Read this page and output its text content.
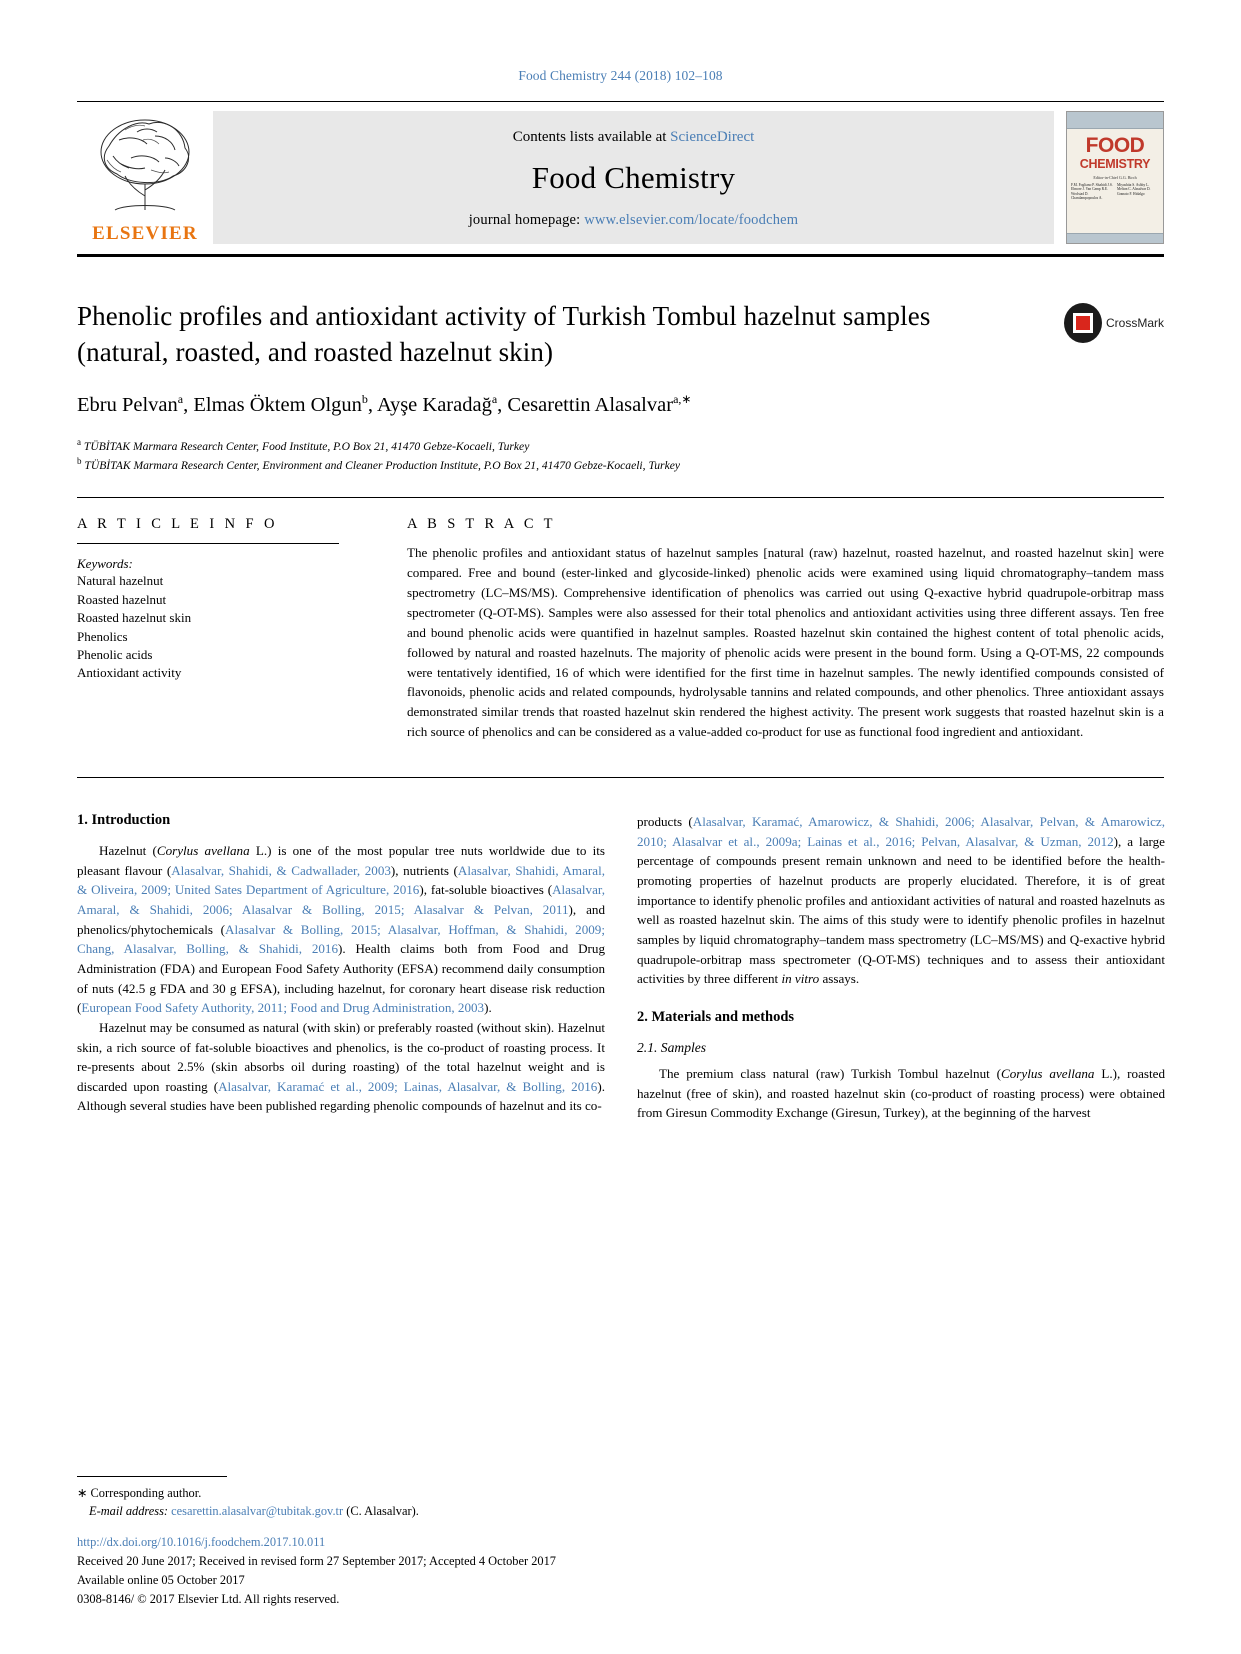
Food Chemistry 244 (2018) 102–108
ELSEVIER
Contents lists available at ScienceDirect
Food Chemistry
journal homepage: www.elsevier.com/locate/foodchem
FOOD
CHEMISTRY
Editor-in-Chief G.G. Birch
F.M. Fogliano P. Shahidi J.S. Elmore J. Van Camp R.E. Wrolstad D. Charalampopoulos A. Miyashita S. Ashby L. Melton C. Alasalvar D. Granato F. Hidalgo
Phenolic profiles and antioxidant activity of Turkish Tombul hazelnut samples (natural, roasted, and roasted hazelnut skin)
CrossMark
Ebru Pelvan$^a$, Elmas Öktem Olgun$^b$, Ayşe Karadağ$^a$, Cesarettin Alasalvar$^{a,∗}$
$^a$ TÜBİTAK Marmara Research Center, Food Institute, P.O Box 21, 41470 Gebze-Kocaeli, Turkey
$^b$ TÜBİTAK Marmara Research Center, Environment and Cleaner Production Institute, P.O Box 21, 41470 Gebze-Kocaeli, Turkey
A R T I C L E I N F O
Keywords:
Natural hazelnut
Roasted hazelnut
Roasted hazelnut skin
Phenolics
Phenolic acids
Antioxidant activity
A B S T R A C T

The phenolic profiles and antioxidant status of hazelnut samples [natural (raw) hazelnut, roasted hazelnut, and roasted hazelnut skin] were compared. Free and bound (ester-linked and glycoside-linked) phenolic acids were examined using liquid chromatography–tandem mass spectrometry (LC–MS/MS). Comprehensive identification of phenolics was carried out using Q-exactive hybrid quadrupole-orbitrap mass spectrometer (Q-OT-MS). Samples were also assessed for their total phenolics and antioxidant activities using three different assays. Ten free and bound phenolic acids were quantified in hazelnut samples. Roasted hazelnut skin contained the highest content of total phenolic acids, followed by natural and roasted hazelnuts. The majority of phenolic acids were present in the bound form. Using a Q-OT-MS, 22 compounds were tentatively identified, 16 of which were identified for the first time in hazelnut samples. The newly identified compounds consisted of flavonoids, phenolic acids and related compounds, hydrolysable tannins and related compounds, and other phenolics. Three antioxidant assays demonstrated similar trends that roasted hazelnut skin rendered the highest activity. The present work suggests that roasted hazelnut skin is a rich source of phenolics and can be considered as a value-added co-product for use as functional food ingredient and antioxidant.

1. Introduction

Hazelnut (Corylus avellana L.) is one of the most popular tree nuts worldwide due to its pleasant flavour (Alasalvar, Shahidi, & Cadwallader, 2003), nutrients (Alasalvar, Shahidi, Amaral, & Oliveira, 2009; United Sates Department of Agriculture, 2016), fat-soluble bioactives (Alasalvar, Amaral, & Shahidi, 2006; Alasalvar & Bolling, 2015; Alasalvar & Pelvan, 2011), and phenolics/phytochemicals (Alasalvar & Bolling, 2015; Alasalvar, Hoffman, & Shahidi, 2009; Chang, Alasalvar, Bolling, & Shahidi, 2016). Health claims both from Food and Drug Administration (FDA) and European Food Safety Authority (EFSA) recommend daily consumption of nuts (42.5 g FDA and 30 g EFSA), including hazelnut, for coronary heart disease risk reduction (European Food Safety Authority, 2011; Food and Drug Administration, 2003).

Hazelnut may be consumed as natural (with skin) or preferably roasted (without skin). Hazelnut skin, a rich source of fat-soluble bioactives and phenolics, is the co-product of roasting process. It re-presents about 2.5% (skin absorbs oil during roasting) of the total hazelnut weight and is discarded upon roasting (Alasalvar, Karamać et al., 2009; Lainas, Alasalvar, & Bolling, 2016). Although several studies have been published regarding phenolic compounds of hazelnut and its co-

products (Alasalvar, Karamać, Amarowicz, & Shahidi, 2006; Alasalvar, Pelvan, & Amarowicz, 2010; Alasalvar et al., 2009a; Lainas et al., 2016; Pelvan, Alasalvar, & Uzman, 2012), a large percentage of compounds present remain unknown and need to be identified before the health-promoting properties of hazelnut products are properly elucidated. Therefore, it is of great importance to identify phenolic profiles and antioxidant activities of natural and roasted hazelnuts as well as roasted hazelnut skin. The aims of this study were to identify phenolic profiles in hazelnut samples by liquid chromatography–tandem mass spectrometry (LC–MS/MS) and Q-exactive hybrid quadrupole-orbitrap mass spectrometer (Q-OT-MS) techniques and to assess their antioxidant activities by three different in vitro assays.

2. Materials and methods
2.1. Samples

The premium class natural (raw) Turkish Tombul hazelnut (Corylus avellana L.), roasted hazelnut (free of skin), and roasted hazelnut skin (co-product of roasting process) were obtained from Giresun Commodity Exchange (Giresun, Turkey), at the beginning of the harvest

∗ Corresponding author.
E-mail address: cesarettin.alasalvar@tubitak.gov.tr (C. Alasalvar).
http://dx.doi.org/10.1016/j.foodchem.2017.10.011
Received 20 June 2017; Received in revised form 27 September 2017; Accepted 4 October 2017
Available online 05 October 2017
0308-8146/ © 2017 Elsevier Ltd. All rights reserved.
